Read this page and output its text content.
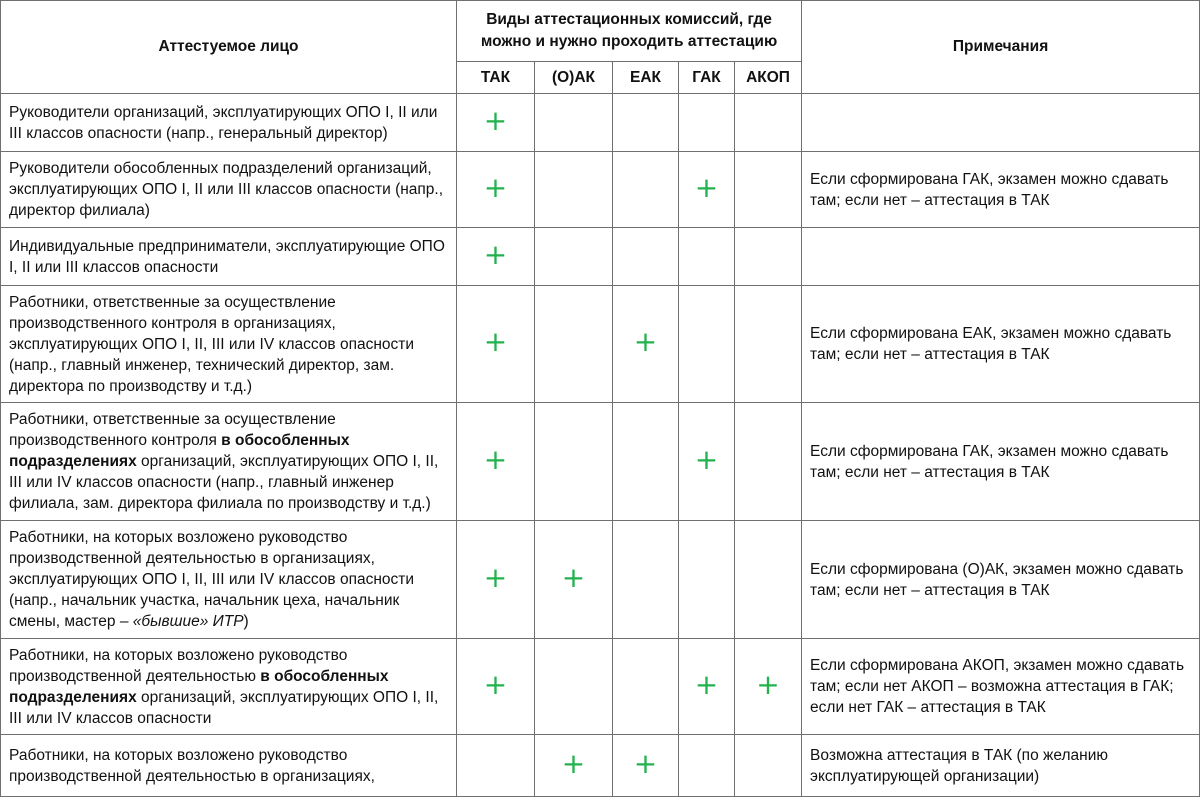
Аттестуемое лицо	Виды аттестационных комиссий, где можно и нужно проходить аттестацию					Примечания
	ТАК	(О)АК	ЕАК	ГАК	АКОП	
Руководители организаций, эксплуатирующих ОПО I, II или III классов опасности (напр., генеральный директор)	+					
Руководители обособленных подразделений организаций, эксплуатирующих ОПО I, II или III классов опасности (напр., директор филиала)	+			+		Если сформирована ГАК, экзамен можно сдавать там; если нет – аттестация в ТАК
Индивидуальные предприниматели, эксплуатирующие ОПО I, II или III классов опасности	+					
Работники, ответственные за осуществление производственного контроля в организациях, эксплуатирующих ОПО I, II, III или IV классов опасности (напр., главный инженер, технический директор, зам. директора по производству и т.д.)	+		+			Если сформирована ЕАК, экзамен можно сдавать там; если нет – аттестация в ТАК
Работники, ответственные за осуществление производственного контроля в обособленных подразделениях организаций, эксплуатирующих ОПО I, II, III или IV классов опасности (напр., главный инженер филиала, зам. директора филиала по производству и т.д.)	+			+		Если сформирована ГАК, экзамен можно сдавать там; если нет – аттестация в ТАК
Работники, на которых возложено руководство производственной деятельностью в организациях, эксплуатирующих ОПО I, II, III или IV классов опасности (напр., начальник участка, начальник цеха, начальник смены, мастер – «бывшие» ИТР)	+	+				Если сформирована (О)АК, экзамен можно сдавать там; если нет – аттестация в ТАК
Работники, на которых возложено руководство производственной деятельностью в обособленных подразделениях организаций, эксплуатирующих ОПО I, II, III или IV классов опасности	+			+	+	Если сформирована АКОП, экзамен можно сдавать там; если нет АКОП – возможна аттестация в ГАК; если нет ГАК – аттестация в ТАК
Работники, на которых возложено руководство производственной деятельностью в организациях,		+	+			Возможна аттестация в ТАК (по желанию эксплуатирующей организации)
